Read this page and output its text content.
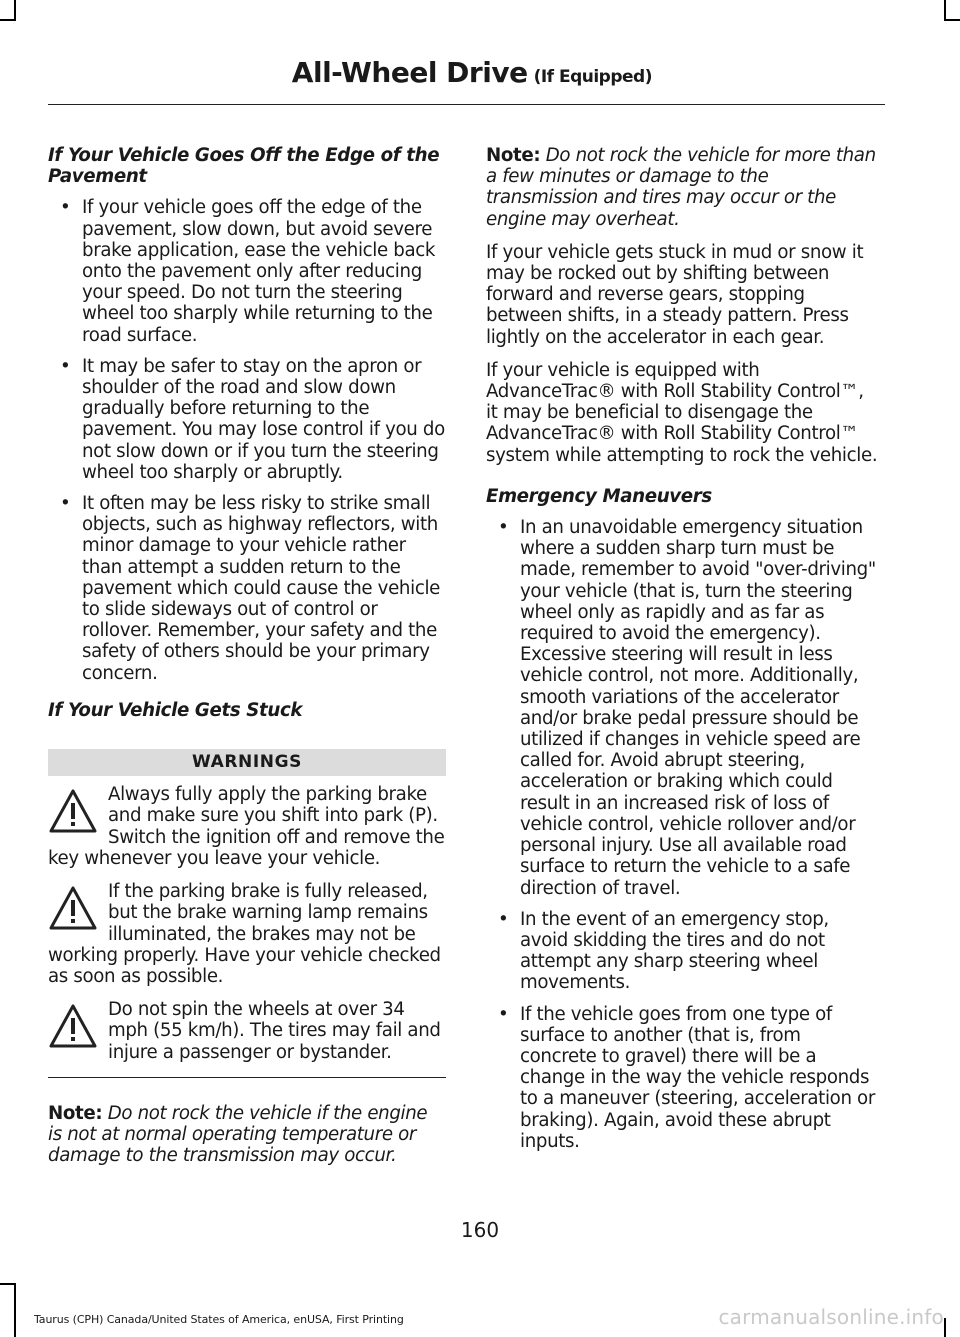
All-Wheel Drive (If Equipped)
If Your Vehicle Goes Off the Edge of the Pavement
• If your vehicle goes off the edge of the pavement, slow down, but avoid severe brake application, ease the vehicle back onto the pavement only after reducing your speed. Do not turn the steering wheel too sharply while returning to the road surface.
• It may be safer to stay on the apron or shoulder of the road and slow down gradually before returning to the pavement. You may lose control if you do not slow down or if you turn the steering wheel too sharply or abruptly.
• It often may be less risky to strike small objects, such as highway reflectors, with minor damage to your vehicle rather than attempt a sudden return to the pavement which could cause the vehicle to slide sideways out of control or rollover. Remember, your safety and the safety of others should be your primary concern.
If Your Vehicle Gets Stuck
WARNINGS
Always fully apply the parking brake and make sure you shift into park (P). Switch the ignition off and remove the key whenever you leave your vehicle.
If the parking brake is fully released, but the brake warning lamp remains illuminated, the brakes may not be working properly. Have your vehicle checked as soon as possible.
Do not spin the wheels at over 34 mph (55 km/h). The tires may fail and injure a passenger or bystander.

Note: Do not rock the vehicle if the engine is not at normal operating temperature or damage to the transmission may occur.

Note: Do not rock the vehicle for more than a few minutes or damage to the transmission and tires may occur or the engine may overheat.

If your vehicle gets stuck in mud or snow it may be rocked out by shifting between forward and reverse gears, stopping between shifts, in a steady pattern. Press lightly on the accelerator in each gear.

If your vehicle is equipped with AdvanceTrac® with Roll Stability Control™, it may be beneficial to disengage the AdvanceTrac® with Roll Stability Control™ system while attempting to rock the vehicle.

Emergency Maneuvers
• In an unavoidable emergency situation where a sudden sharp turn must be made, remember to avoid "over-driving" your vehicle (that is, turn the steering wheel only as rapidly and as far as required to avoid the emergency). Excessive steering will result in less vehicle control, not more. Additionally, smooth variations of the accelerator and/or brake pedal pressure should be utilized if changes in vehicle speed are called for. Avoid abrupt steering, acceleration or braking which could result in an increased risk of loss of vehicle control, vehicle rollover and/or personal injury. Use all available road surface to return the vehicle to a safe direction of travel.
• In the event of an emergency stop, avoid skidding the tires and do not attempt any sharp steering wheel movements.
• If the vehicle goes from one type of surface to another (that is, from concrete to gravel) there will be a change in the way the vehicle responds to a maneuver (steering, acceleration or braking). Again, avoid these abrupt inputs.
160
Taurus (CPH) Canada/United States of America, enUSA, First Printing	carmanualsonline.info
